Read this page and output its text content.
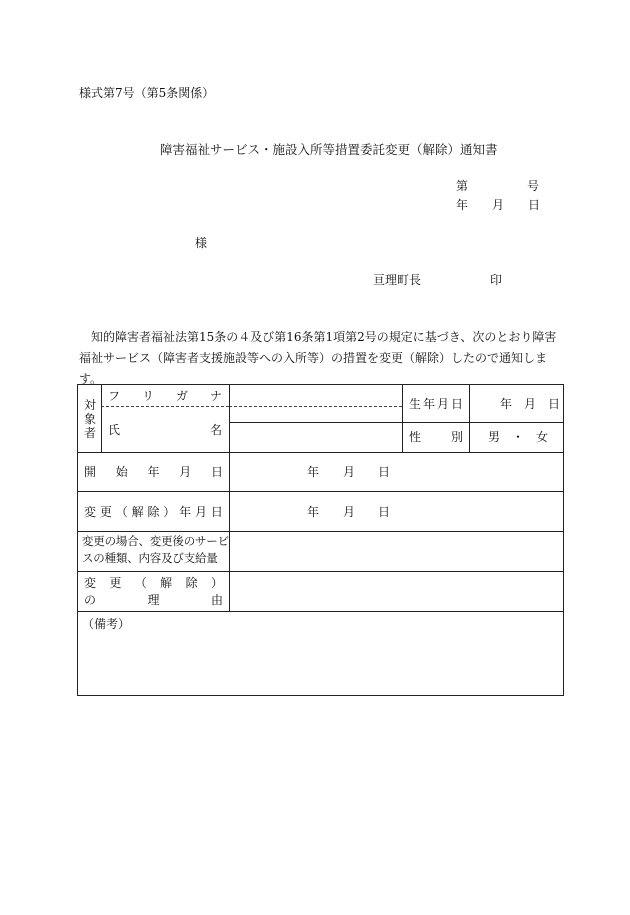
様式第7号（第5条関係）
障害福祉サービス・施設入所等措置委託変更（解除）通知書
第	号
年 月 日
様
亘理町長	印
知的障害者福祉法第15条の４及び第16条第1項第2号の規定に基づき、次のとおり障害福祉サービス（障害者支援施設等への入所等）の措置を変更（解除）したので通知します。
対
象
者
フ リ ガ ナ
氏	名
生年月日	年 月 日
性 別 男　・　女
開 始 年 月 日	年 月 日
変 更 （ 解 除 ） 年 月 日	年 月 日
変更の場合、変更後のサービ
スの種類、内容及び支給量
変 更 （ 解 除 ）
の	理	由
（備考）
